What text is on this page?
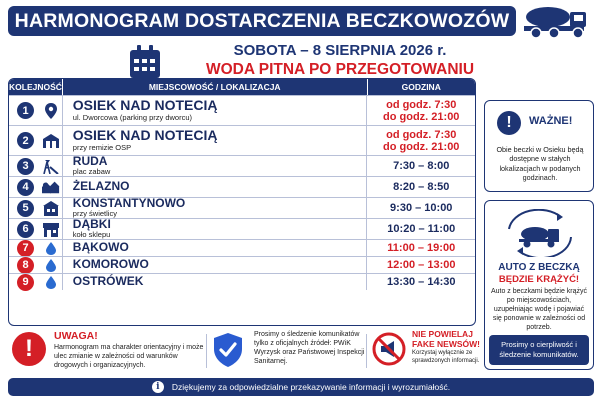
HARMONOGRAM DOSTARCZENIA BECZKOWOZÓW
SOBOTA – 8 SIERPNIA 2026 r.
WODA PITNA PO PRZEGOTOWANIU
KOLEJNOŚĆ	MIEJSCOWOŚĆ / LOKALIZACJA	GODZINA
1	OSIEK NAD NOTECIĄ
ul. Dworcowa (parking przy dworcu)
od godz. 7:30
do godz. 21:00
2	OSIEK NAD NOTECIĄ
przy remizie OSP
od godz. 7:30
do godz. 21:00
3	RUDA
plac zabaw	7:30 – 8:00
4	ŻELAZNO	8:20 – 8:50
5	KONSTANTYNOWO
przy świetlicy	9:30 – 10:00
6	DĄBKI
koło sklepu	10:20 – 11:00
7	BĄKOWO	11:00 – 19:00
8	KOMOROWO	12:00 – 13:00
9	OSTRÓWEK	13:30 – 14:30
!	WAŻNE!
Obie beczki w Osieku będą dostępne w stałych lokalizacjach w podanych godzinach.
AUTO Z BECZKĄ
BĘDZIE KRĄŻYĆ!
Auto z beczkami będzie krążyć po miejscowościach, uzupełniając wodę i pojawiać się ponownie w zależności od potrzeb.
Prosimy o cierpliwość i śledzenie komunikatów.
!	UWAGA!
Harmonogram ma charakter orientacyjny i może ulec zmianie w zależności od warunków drogowych i organizacyjnych.
Prosimy o śledzenie komunikatów tylko z oficjalnych źródeł: PWiK Wyrzysk oraz Państwowej Inspekcji Sanitarnej.
NIE POWIELAJ
FAKE NEWSÓW!
Korzystaj wyłącznie ze sprawdzonych informacji.
i	Dziękujemy za odpowiedzialne przekazywanie informacji i wyrozumiałość.
